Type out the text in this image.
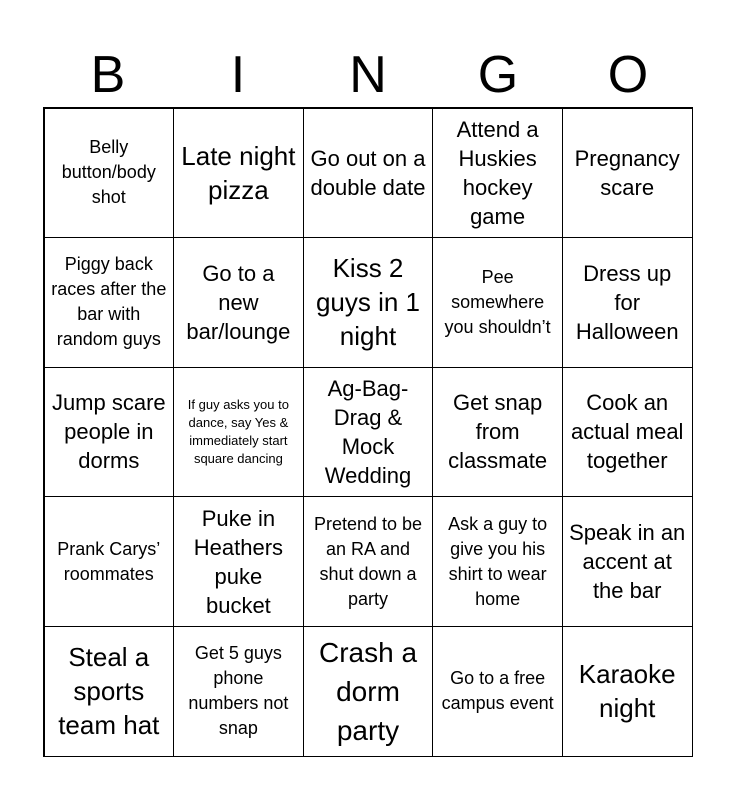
B	I	N	G	O
Belly button/body shot
Late night pizza
Go out on a double date
Attend a Huskies hockey game
Pregnancy scare
Piggy back races after the bar with random guys
Go to a new bar/lounge
Kiss 2 guys in 1 night
Pee somewhere you shouldn’t
Dress up for Halloween
Jump scare people in dorms
If guy asks you to dance, say Yes & immediately start square dancing
Ag-Bag-Drag & Mock Wedding
Get snap from classmate
Cook an actual meal together
Prank Carys’ roommates
Puke in Heathers puke bucket
Pretend to be an RA and shut down a party
Ask a guy to give you his shirt to wear home
Speak in an accent at the bar
Steal a sports team hat
Get 5 guys phone numbers not snap
Crash a dorm party
Go to a free campus event
Karaoke night
